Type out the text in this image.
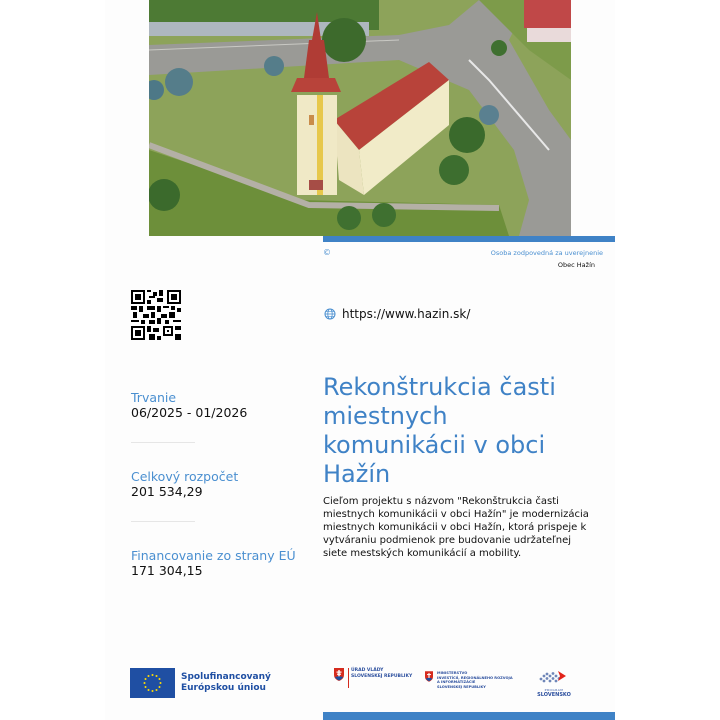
©	Osoba zodpovedná za uverejnenie
Obec Hažín
https://www.hazin.sk/
Trvanie
06/2025 - 01/2026
Celkový rozpočet
201 534,29
Financovanie zo strany EÚ
171 304,15
Rekonštrukcia časti miestnych komunikácii v obci Hažín

Cieľom projektu s názvom "Rekonštrukcia časti miestnych komunikácii v obci Hažín" je modernizácia miestnych komunikácii v obci Hažín, ktorá prispeje k vytváraniu podmienok pre budovanie udržateľnej siete mestských komunikácií a mobility.

Spolufinancovaný
Európskou úniou
ÚRAD VLÁDY
SLOVENSKEJ REPUBLIKY
MINISTERSTVO
INVESTÍCIÍ, REGIONÁLNEHO ROZVOJA
A INFORMATIZÁCIE
SLOVENSKEJ REPUBLIKY
PROGRAM
SLOVENSKO
